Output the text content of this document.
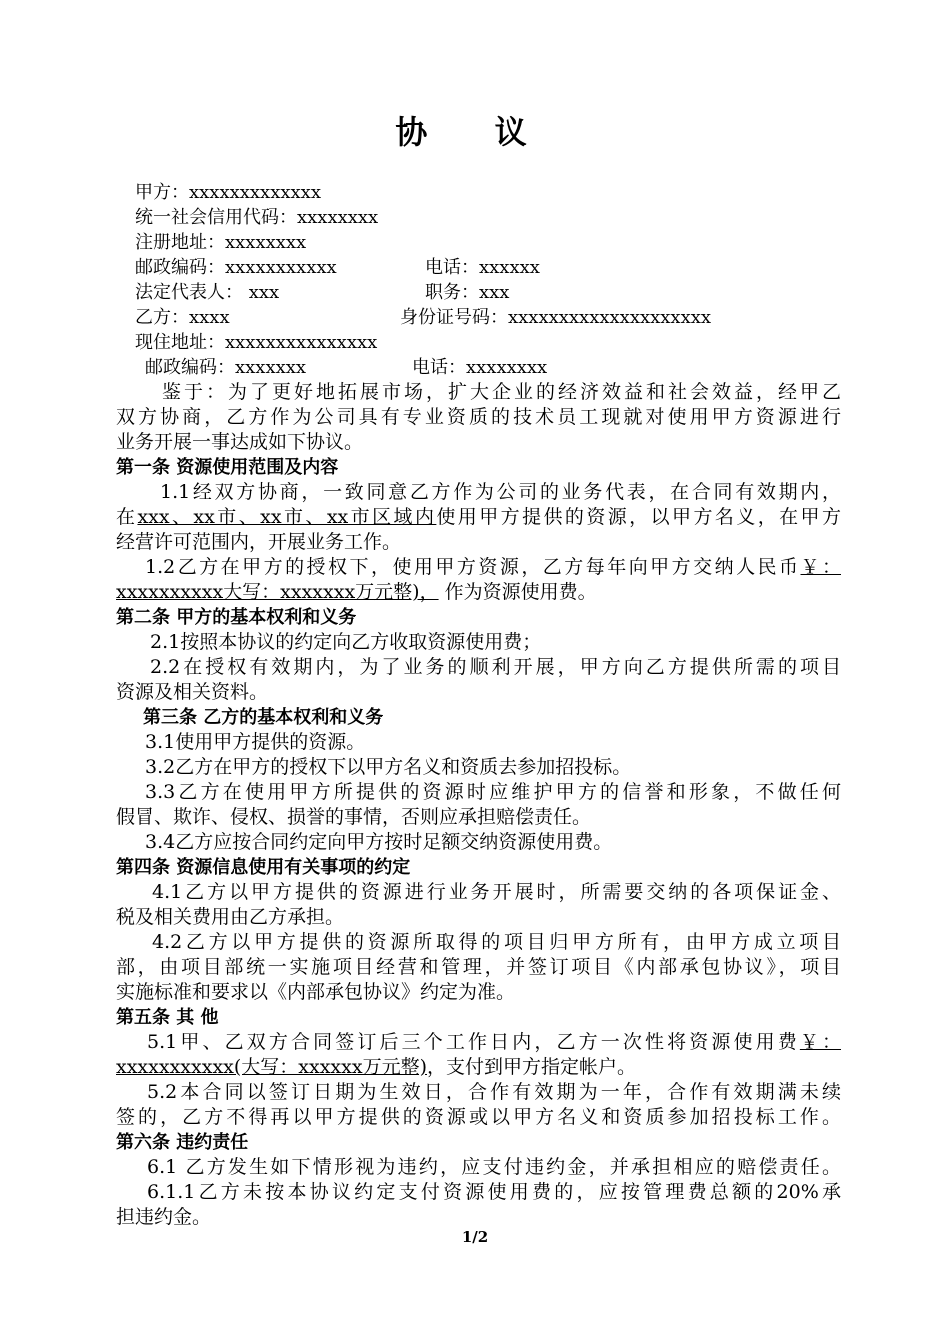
协 议
甲方：xxxxxxxxxxxxx
统一社会信用代码：xxxxxxxx
注册地址：xxxxxxxx
邮政编码：xxxxxxxxxxx	电话：xxxxxx
法定代表人： xxx	职务：xxx
乙方：xxxx	身份证号码：xxxxxxxxxxxxxxxxxxxx
现住地址：xxxxxxxxxxxxxxx
邮政编码：xxxxxxx	电话：xxxxxxxx
鉴于：为了更好地拓展市场，扩大企业的经济效益和社会效益，经甲乙
双方协商，乙方作为公司具有专业资质的技术员工现就对使用甲方资源进行
业务开展一事达成如下协议。
第一条 资源使用范围及内容
1.1经双方协商，一致同意乙方作为公司的业务代表，在合同有效期内，
在xxx、xx市、xx市、xx市区域内使用甲方提供的资源，以甲方名义，在甲方
经营许可范围内，开展业务工作。
1.2乙方在甲方的授权下，使用甲方资源，乙方每年向甲方交纳人民币￥：
xxxxxxxxxx大写：xxxxxxx万元整)， 作为资源使用费。
第二条 甲方的基本权利和义务
2.1按照本协议的约定向乙方收取资源使用费；
2.2在授权有效期内，为了业务的顺利开展，甲方向乙方提供所需的项目
资源及相关资料。
第三条 乙方的基本权利和义务
3.1使用甲方提供的资源。
3.2乙方在甲方的授权下以甲方名义和资质去参加招投标。
3.3乙方在使用甲方所提供的资源时应维护甲方的信誉和形象，不做任何
假冒、欺诈、侵权、损誉的事情，否则应承担赔偿责任。
3.4乙方应按合同约定向甲方按时足额交纳资源使用费。
第四条 资源信息使用有关事项的约定
4.1乙方以甲方提供的资源进行业务开展时，所需要交纳的各项保证金、
税及相关费用由乙方承担。
4.2乙方以甲方提供的资源所取得的项目归甲方所有，由甲方成立项目
部，由项目部统一实施项目经营和管理，并签订项目《内部承包协议》，项目
实施标准和要求以《内部承包协议》约定为准。
第五条 其 他
5.1甲、乙双方合同签订后三个工作日内，乙方一次性将资源使用费￥：
xxxxxxxxxxx(大写：xxxxxx万元整)，支付到甲方指定帐户。
5.2本合同以签订日期为生效日，合作有效期为一年，合作有效期满未续
签的，乙方不得再以甲方提供的资源或以甲方名义和资质参加招投标工作。
第六条 违约责任
6.1 乙方发生如下情形视为违约，应支付违约金，并承担相应的赔偿责任。
6.1.1乙方未按本协议约定支付资源使用费的，应按管理费总额的20%承
担违约金。
1/2
